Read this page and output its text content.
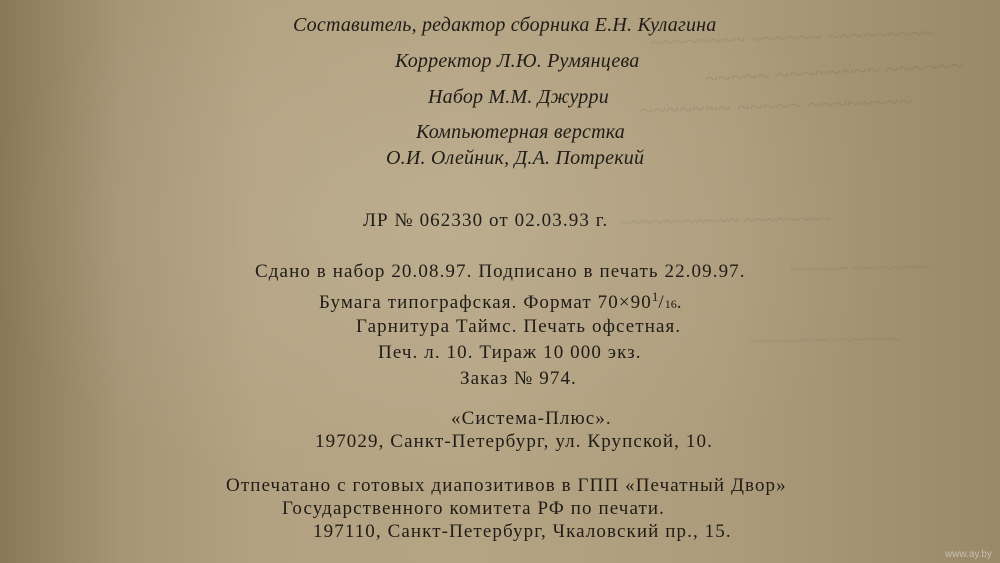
~~~~~~~~ ~~~~~~ ~~~~~~~~~
~~~~~ ~~~~~~~~ ~~~~~~
~~~~~~~ ~~~~~ ~~~~~~~~
~~~~~~~~~~~ ~~~~~~~~
~~~~~~ ~~~~~~~~
~~~~~~~~ ~~~~~~~
Составитель, редактор сборника Е.Н. Кулагина
Корректор Л.Ю. Румянцева
Набор М.М. Джурри
Компьютерная верстка
О.И. Олейник, Д.А. Потрекий
ЛР № 062330 от 02.03.93 г.
Сдано в набор 20.08.97. Подписано в печать 22.09.97.
Бумага типографская. Формат $70\times 90^1/16$.
Гарнитура Таймс. Печать офсетная.
Печ. л. 10. Тираж 10 000 экз.
Заказ № 974.
«Система-Плюс».
197029, Санкт-Петербург, ул. Крупской, 10.
Отпечатано с готовых диапозитивов в ГПП «Печатный Двор»
Государственного комитета РФ по печати.
197110, Санкт-Петербург, Чкаловский пр., 15.
www.ay.by
